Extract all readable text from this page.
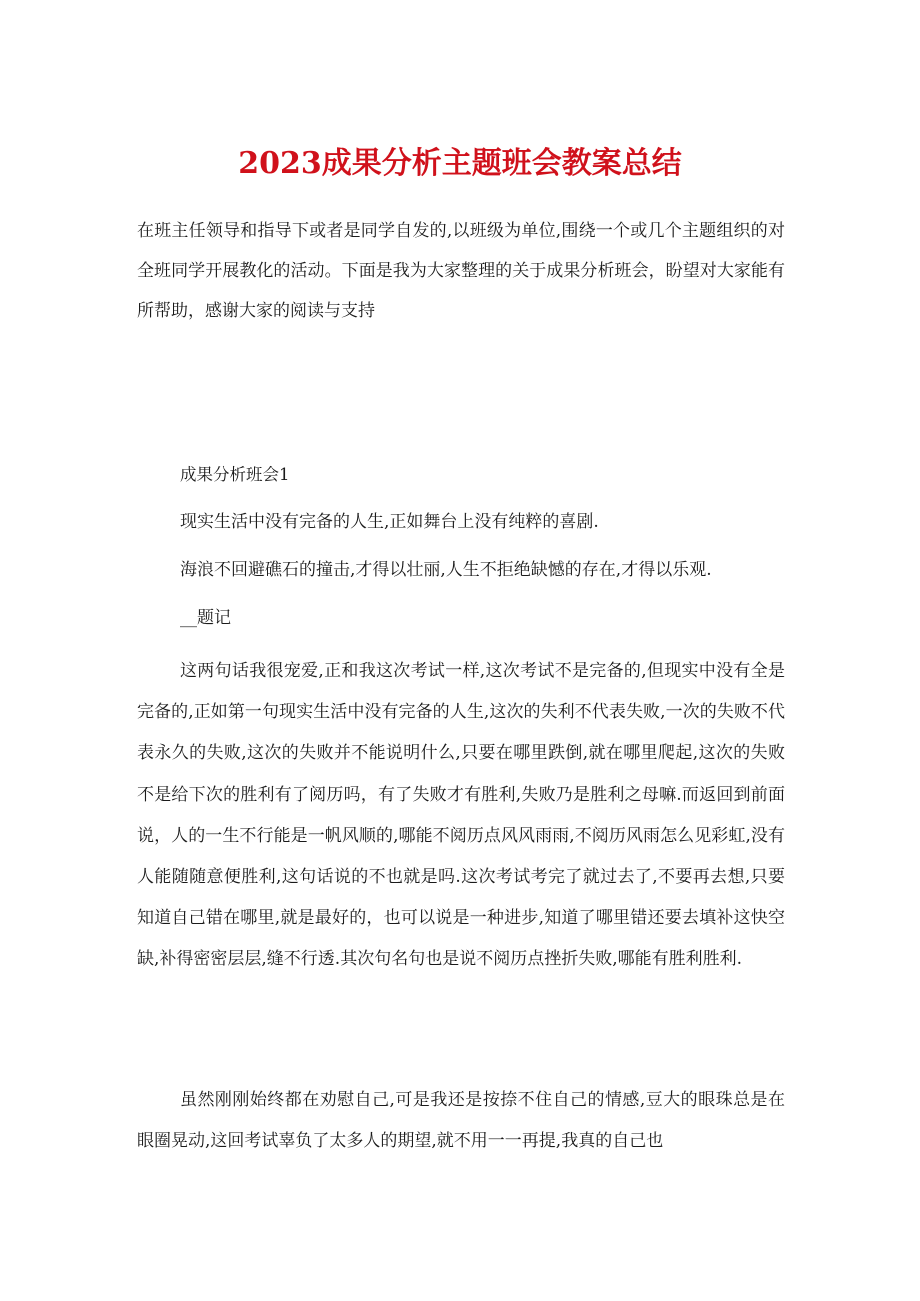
2023成果分析主题班会教案总结

在班主任领导和指导下或者是同学自发的,以班级为单位,围绕一个或几个主题组织的对全班同学开展教化的活动。下面是我为大家整理的关于成果分析班会，盼望对大家能有所帮助，感谢大家的阅读与支持

成果分析班会1

现实生活中没有完备的人生,正如舞台上没有纯粹的喜剧.

海浪不回避礁石的撞击,才得以壮丽,人生不拒绝缺憾的存在,才得以乐观.

__题记

这两句话我很宠爱,正和我这次考试一样,这次考试不是完备的,但现实中没有全是完备的,正如第一句现实生活中没有完备的人生,这次的失利不代表失败,一次的失败不代表永久的失败,这次的失败并不能说明什么,只要在哪里跌倒,就在哪里爬起,这次的失败不是给下次的胜利有了阅历吗，有了失败才有胜利,失败乃是胜利之母嘛.而返回到前面说，人的一生不行能是一帆风顺的,哪能不阅历点风风雨雨,不阅历风雨怎么见彩虹,没有人能随随意便胜利,这句话说的不也就是吗.这次考试考完了就过去了,不要再去想,只要知道自己错在哪里,就是最好的，也可以说是一种进步,知道了哪里错还要去填补这快空缺,补得密密层层,缝不行透.其次句名句也是说不阅历点挫折失败,哪能有胜利胜利.

虽然刚刚始终都在劝慰自己,可是我还是按捺不住自己的情感,豆大的眼珠总是在眼圈晃动,这回考试辜负了太多人的期望,就不用一一再提,我真的自己也
